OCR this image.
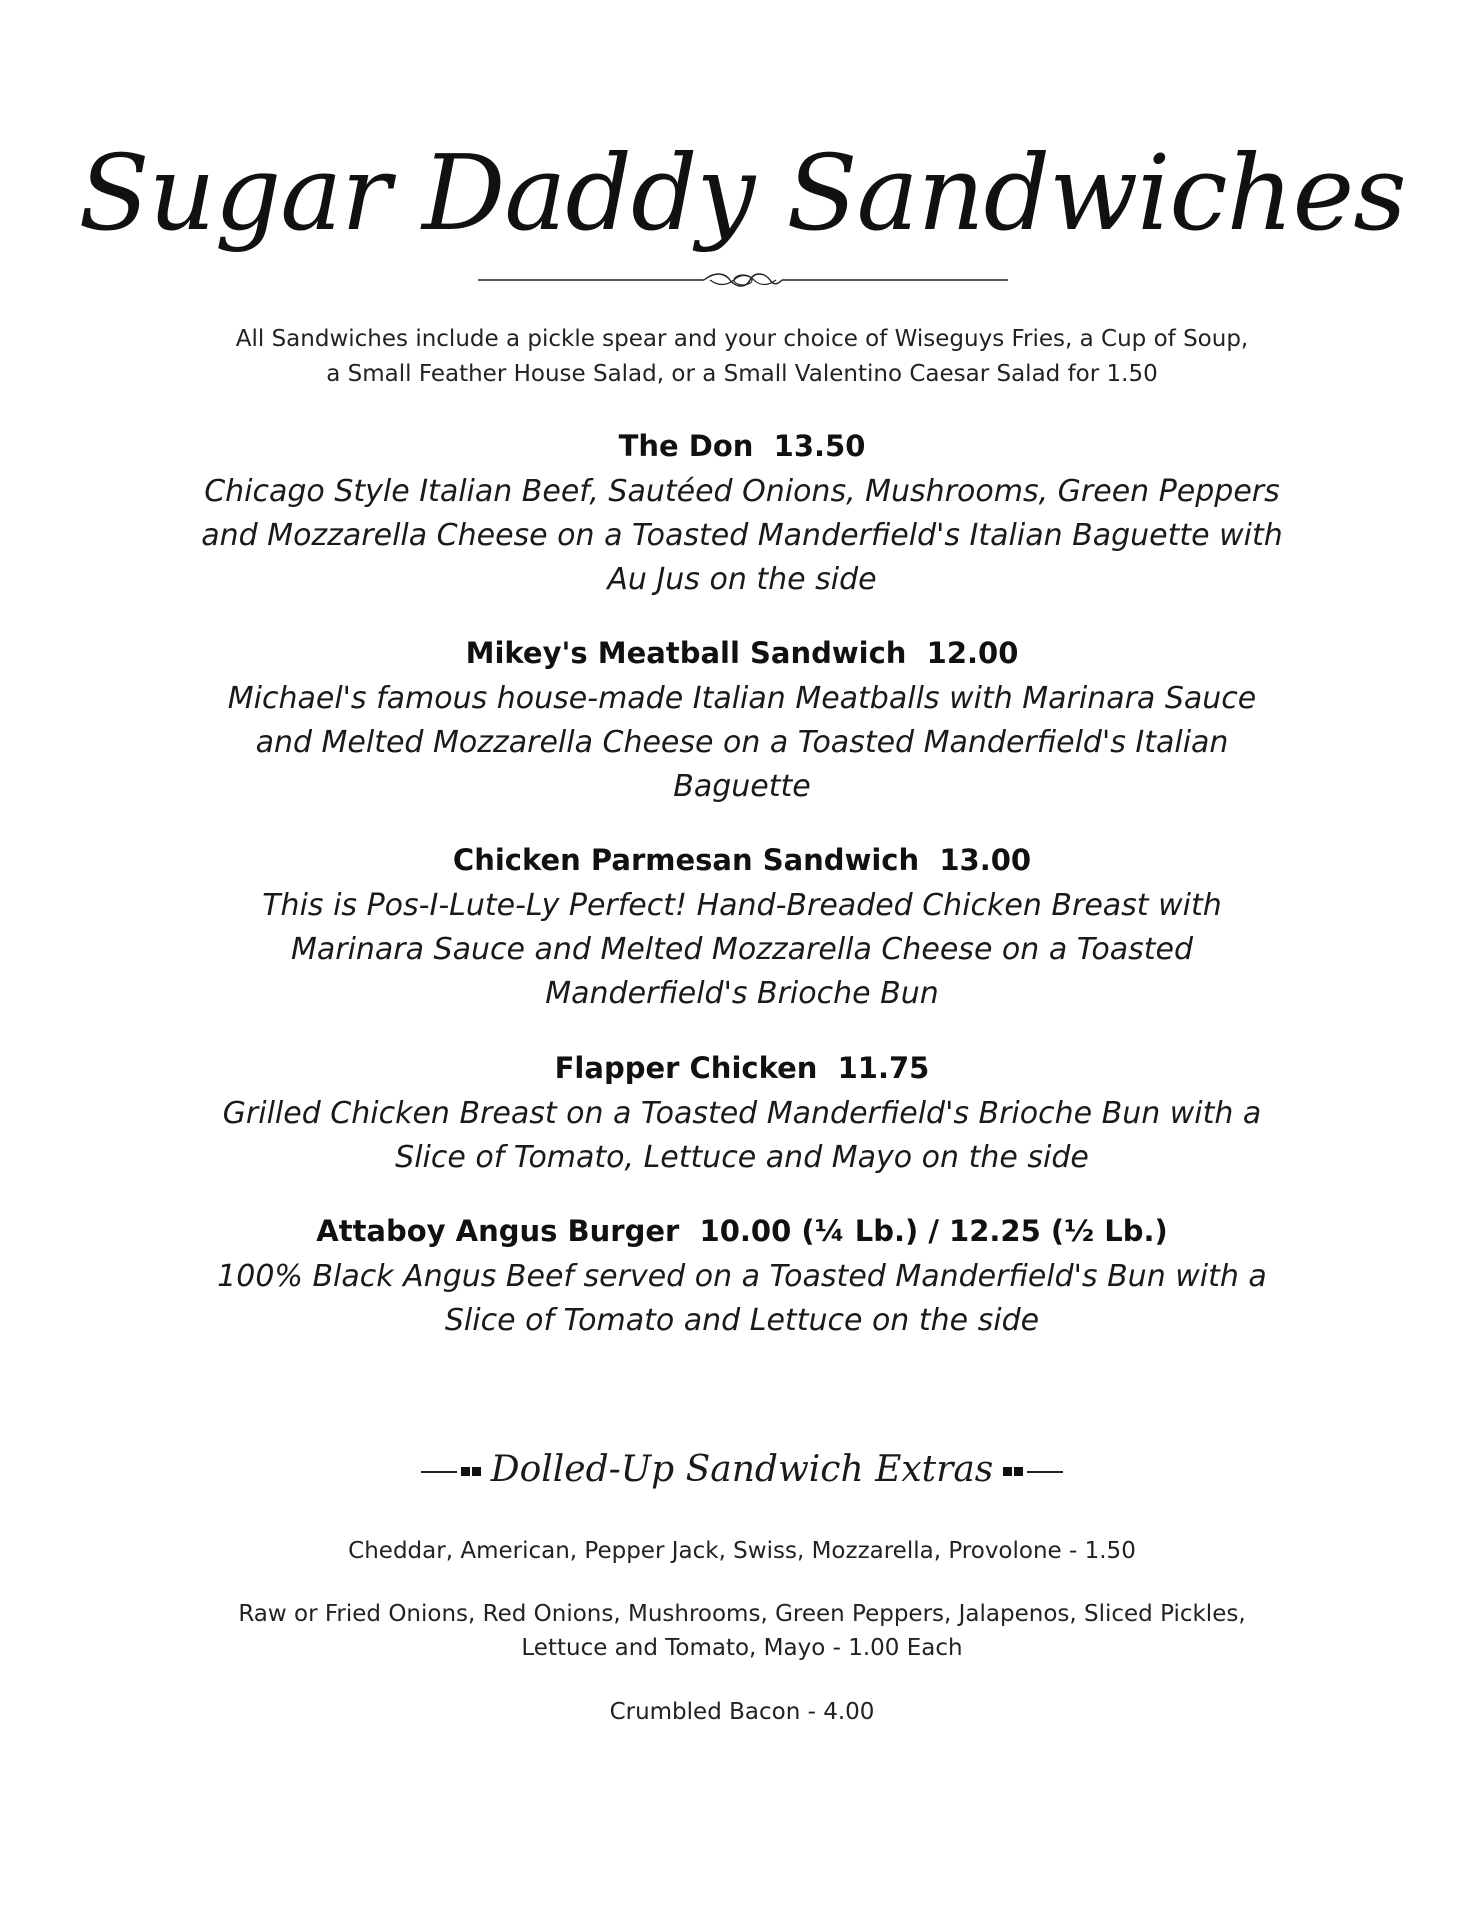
Sugar Daddy Sandwiches
All Sandwiches include a pickle spear and your choice of Wiseguys Fries, a Cup of Soup, a Small Feather House Salad, or a Small Valentino Caesar Salad for 1.50
The Don 13.50
Chicago Style Italian Beef, Sautéed Onions, Mushrooms, Green Peppers and Mozzarella Cheese on a Toasted Manderfield's Italian Baguette with Au Jus on the side
Mikey's Meatball Sandwich 12.00
Michael's famous house-made Italian Meatballs with Marinara Sauce and Melted Mozzarella Cheese on a Toasted Manderfield's Italian Baguette
Chicken Parmesan Sandwich 13.00
This is Pos-I-Lute-Ly Perfect! Hand-Breaded Chicken Breast with Marinara Sauce and Melted Mozzarella Cheese on a Toasted Manderfield's Brioche Bun
Flapper Chicken 11.75
Grilled Chicken Breast on a Toasted Manderfield's Brioche Bun with a Slice of Tomato, Lettuce and Mayo on the side
Attaboy Angus Burger 10.00 (¼ Lb.) / 12.25 (½ Lb.)
100% Black Angus Beef served on a Toasted Manderfield's Bun with a Slice of Tomato and Lettuce on the side
Dolled-Up Sandwich Extras
Cheddar, American, Pepper Jack, Swiss, Mozzarella, Provolone - 1.50
Raw or Fried Onions, Red Onions, Mushrooms, Green Peppers, Jalapenos, Sliced Pickles, Lettuce and Tomato, Mayo - 1.00 Each
Crumbled Bacon - 4.00
